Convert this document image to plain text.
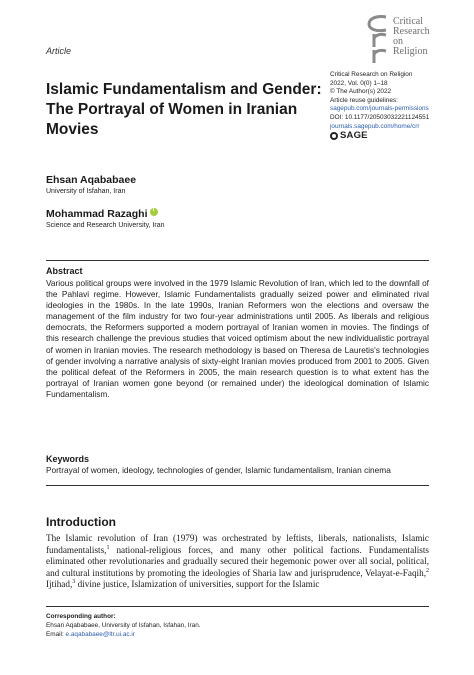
Critical
Research
on
Religion
Article
Islamic Fundamentalism and Gender:
The Portrayal of Women in Iranian
Movies
Critical Research on Religion
2022, Vol. 0(0) 1–18
© The Author(s) 2022
Article reuse guidelines:
sagepub.com/journals-permissions
DOI: 10.1177/20503032221124551
journals.sagepub.com/home/crr
SAGE
Ehsan Aqababaee
University of Isfahan, Iran
Mohammad Razaghii
Science and Research University, Iran
Abstract
Various political groups were involved in the 1979 Islamic Revolution of Iran, which led to the downfall of the Pahlavi regime. However, Islamic Fundamentalists gradually seized power and eliminated rival ideologies in the 1980s. In the late 1990s, Iranian Reformers won the elections and oversaw the management of the film industry for two four-year administrations until 2005. As liberals and religious democrats, the Reformers supported a modern portrayal of Iranian women in movies. The findings of this research challenge the previous studies that voiced optimism about the new individualistic portrayal of women in Iranian movies. The research methodology is based on Theresa de Lauretis's technologies of gender involving a narrative analysis of sixty-eight Iranian movies produced from 2001 to 2005. Given the political defeat of the Reformers in 2005, the main research question is to what extent has the portrayal of Iranian women gone beyond (or remained under) the ideological domination of Islamic Fundamentalism.
Keywords
Portrayal of women, ideology, technologies of gender, Islamic fundamentalism, Iranian cinema
Introduction
The Islamic revolution of Iran (1979) was orchestrated by leftists, liberals, nationalists, Islamic fundamentalists,$^1$ national-religious forces, and many other political factions. Fundamentalists eliminated other revolutionaries and gradually secured their hegemonic power over all social, political, and cultural institutions by promoting the ideologies of Sharia law and jurisprudence, Velayat-e-Faqih,$^2$ Ijtihad,$^3$ divine justice, Islamization of universities, support for the Islamic
Corresponding author:
Ehsan Aqababaee, University of Isfahan, Isfahan, Iran.
Email: e.aqababaee@ltr.ui.ac.ir
